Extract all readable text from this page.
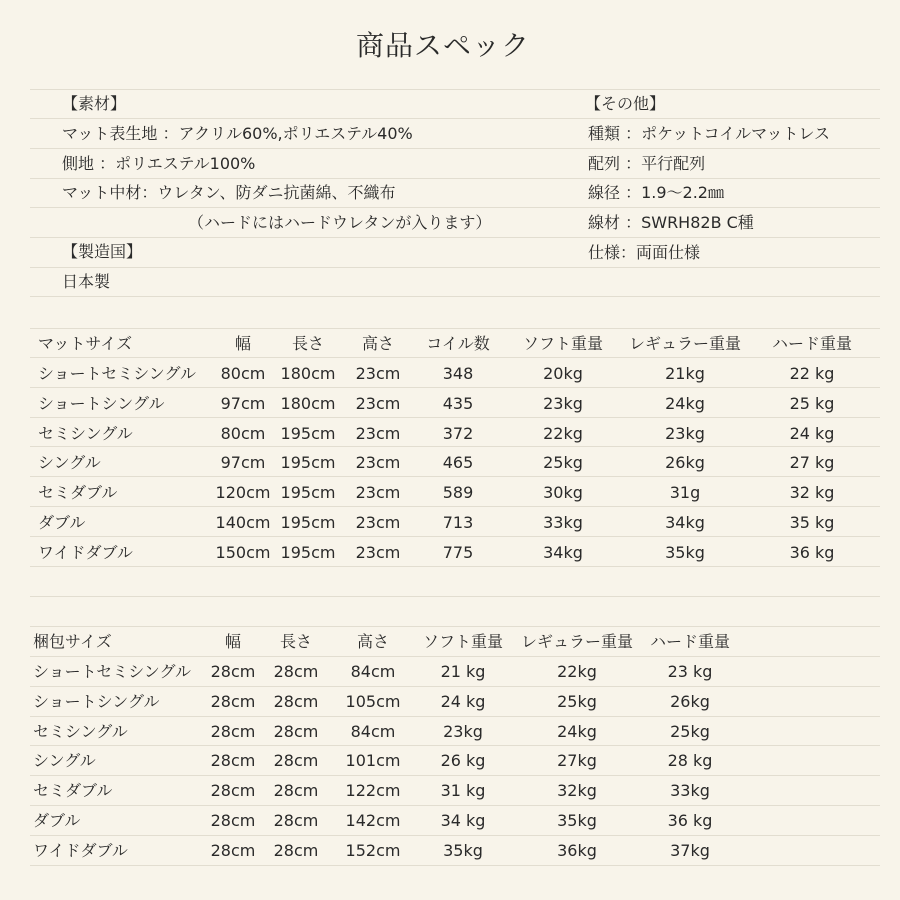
商品スペック
【素材】
マット表生地 ：アクリル60%,ポリエステル40%
側地 ：ポリエステル100%
マット中材：ウレタン、防ダニ抗菌綿、不織布
（ハードにはハードウレタンが入ります）
【製造国】
日本製
【その他】
種類 ：ポケットコイルマットレス
配列 ：平行配列
線径 ：1.9〜2.2㎜
線材 ：SWRH82B C種
仕様：両面仕様
マットサイズ	幅	長さ 高さ コイル数 ソフト重量 レギュラー重量 ハード重量
ショートセミシングル 80cm 180cm 23cm	348	20kg	21kg	22 kg
ショートシングル	97cm 180cm 23cm	435	23kg	24kg	25 kg
セミシングル	80cm 195cm 23cm	372	22kg	23kg	24 kg
シングル	97cm 195cm 23cm	465	25kg	26kg	27 kg
セミダブル	120cm 195cm 23cm	589	30kg	31g	32 kg
ダブル	140cm 195cm 23cm	713	33kg	34kg	35 kg
ワイドダブル	150cm 195cm 23cm	775	34kg	35kg	36 kg
梱包サイズ	幅 長さ	高さ ソフト重量 レギュラー重量 ハード重量
ショートセミシングル 28cm 28cm 84cm	21 kg	22kg	23 kg
ショートシングル	28cm 28cm 105cm	24 kg	25kg	26kg
セミシングル	28cm 28cm 84cm	23kg	24kg	25kg
シングル	28cm 28cm 101cm	26 kg	27kg	28 kg
セミダブル	28cm 28cm 122cm	31 kg	32kg	33kg
ダブル	28cm 28cm 142cm	34 kg	35kg	36 kg
ワイドダブル	28cm 28cm 152cm	35kg	36kg	37kg
